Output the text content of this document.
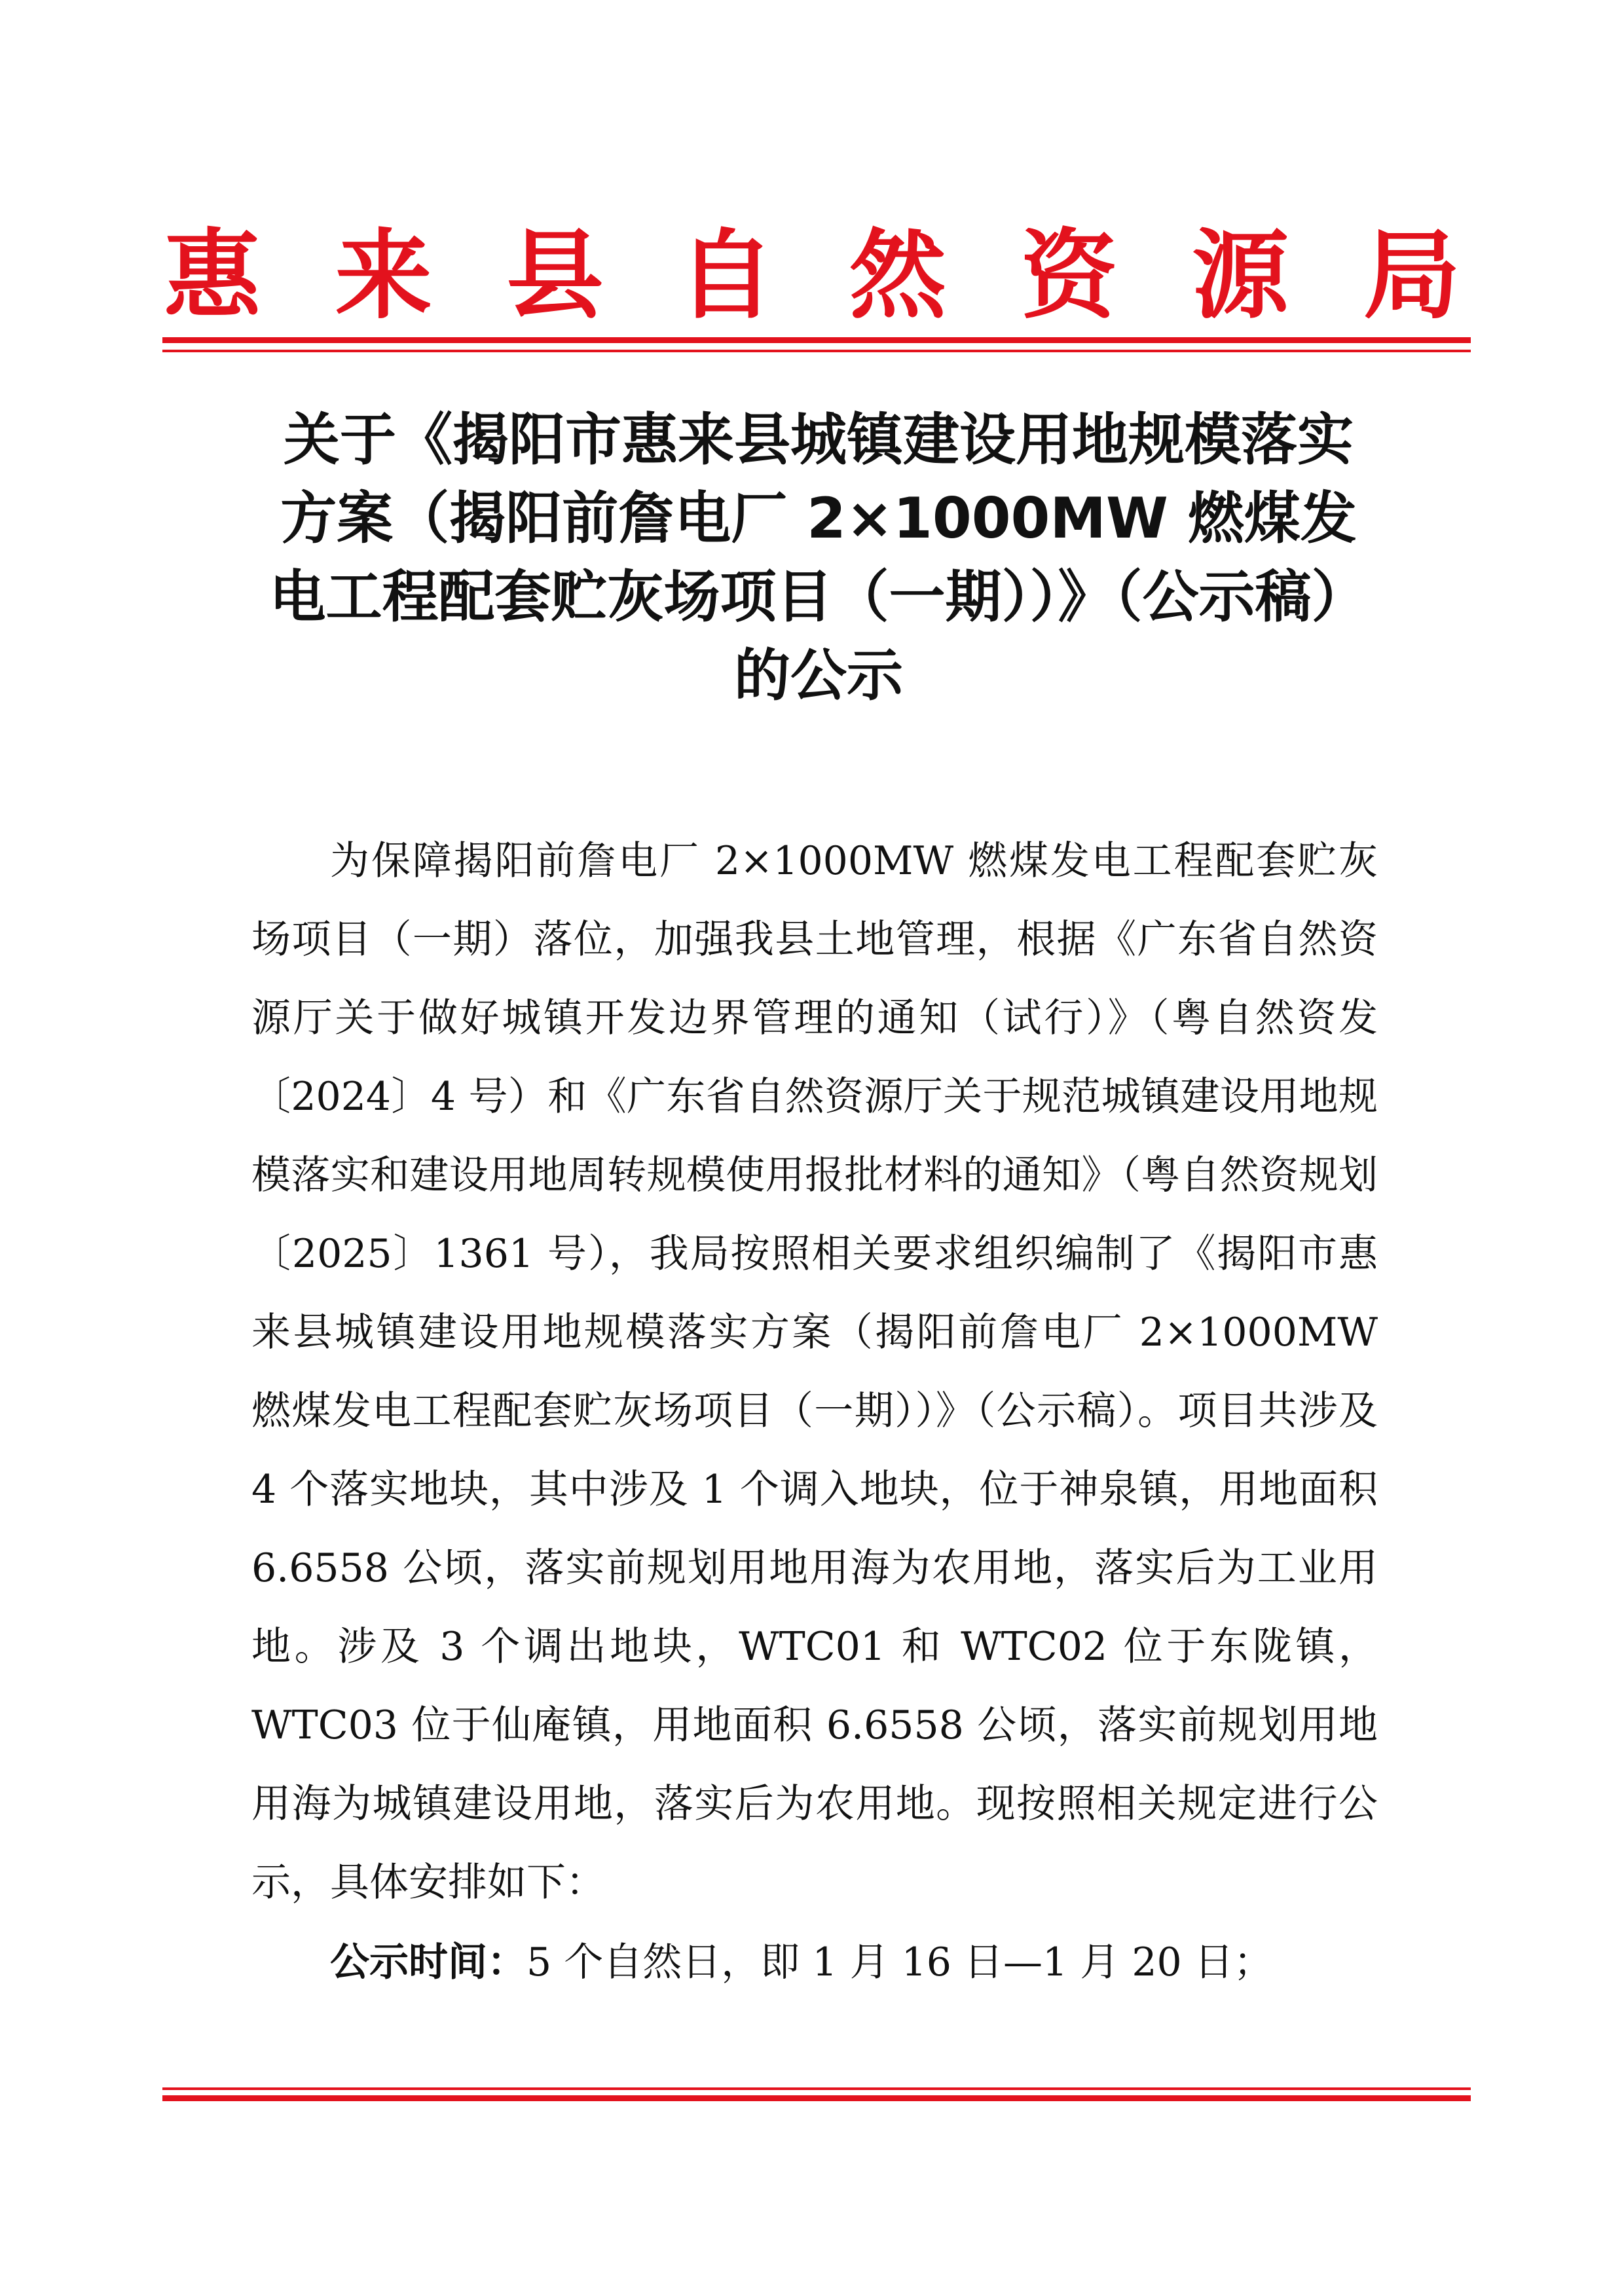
惠 来 县 自 然 资 源 局
关于《揭阳市惠来县城镇建设用地规模落实方案（揭阳前詹电厂 2×1000MW 燃煤发电工程配套贮灰场项目（一期））》（公示稿）的公示

为保障揭阳前詹电厂 2×1000MW 燃煤发电工程配套贮灰场项目（一期）落位，加强我县土地管理，根据《广东省自然资源厅关于做好城镇开发边界管理的通知（试行）》（粤自然资发〔2024〕4 号）和《广东省自然资源厅关于规范城镇建设用地规模落实和建设用地周转规模使用报批材料的通知》（粤自然资规划〔2025〕1361 号），我局按照相关要求组织编制了《揭阳市惠来县城镇建设用地规模落实方案（揭阳前詹电厂 2×1000MW 燃煤发电工程配套贮灰场项目（一期））》（公示稿）。项目共涉及 4 个落实地块，其中涉及 1 个调入地块，位于神泉镇，用地面积 6.6558 公顷，落实前规划用地用海为农用地，落实后为工业用地。涉及 3 个调出地块，WTC01 和 WTC02 位于东陇镇，WTC03 位于仙庵镇，用地面积 6.6558 公顷，落实前规划用地用海为城镇建设用地，落实后为农用地。现按照相关规定进行公示，具体安排如下：

公示时间：5 个自然日，即 1 月 16 日—1 月 20 日；
